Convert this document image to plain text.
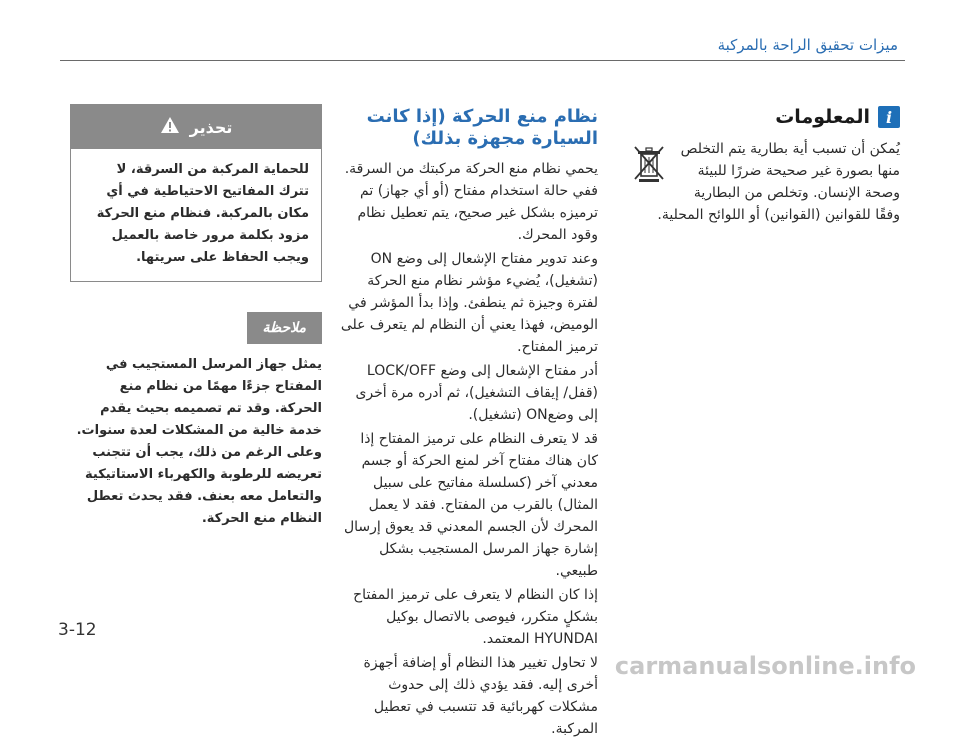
ميزات تحقيق الراحة بالمركبة
i
المعلومات

يُمكن أن تسبب أية بطارية يتم التخلص منها بصورة غير صحيحة ضررًا للبيئة وصحة الإنسان. وتخلص من البطارية وفقًا للقوانين (القوانين) أو اللوائح المحلية.

نظام منع الحركة (إذا كانت السيارة مجهزة بذلك)

يحمي نظام منع الحركة مركبتك من السرقة. ففي حالة استخدام مفتاح (أو أي جهاز) تم ترميزه بشكل غير صحيح، يتم تعطيل نظام وقود المحرك.

وعند تدوير مفتاح الإشعال إلى وضع ON (تشغيل)، يُضيء مؤشر نظام منع الحركة لفترة وجيزة ثم ينطفئ. وإذا بدأ المؤشر في الوميض، فهذا يعني أن النظام لم يتعرف على ترميز المفتاح.

أدر مفتاح الإشعال إلى وضع LOCK/OFF (قفل/ إيقاف التشغيل)، ثم أدره مرة أخرى إلى وضعON (تشغيل).

قد لا يتعرف النظام على ترميز المفتاح إذا كان هناك مفتاح آخر لمنع الحركة أو جسم معدني آخر (كسلسلة مفاتيح على سبيل المثال) بالقرب من المفتاح. فقد لا يعمل المحرك لأن الجسم المعدني قد يعوق إرسال إشارة جهاز المرسل المستجيب بشكل طبيعي.

إذا كان النظام لا يتعرف على ترميز المفتاح بشكلٍ متكرر، فيوصى بالاتصال بوكيل HYUNDAI المعتمد.

لا تحاول تغيير هذا النظام أو إضافة أجهزة أخرى إليه. فقد يؤدي ذلك إلى حدوث مشكلات كهربائية قد تتسبب في تعطيل المركبة.

تحذير
للحماية المركبة من السرقة، لا تترك المفاتيح الاحتياطية في أي مكان بالمركبة. فنظام منع الحركة مزود بكلمة مرور خاصة بالعميل ويجب الحفاظ على سريتها.
ملاحظة
يمثل جهاز المرسل المستجيب في المفتاح جزءًا مهمًا من نظام منع الحركة. وقد تم تصميمه بحيث يقدم خدمة خالية من المشكلات لعدة سنوات. وعلى الرغم من ذلك، يجب أن تتجنب تعريضه للرطوبة والكهرباء الاستاتيكية والتعامل معه بعنف. فقد يحدث تعطل النظام منع الحركة.
3-12
carmanualsonline.info
